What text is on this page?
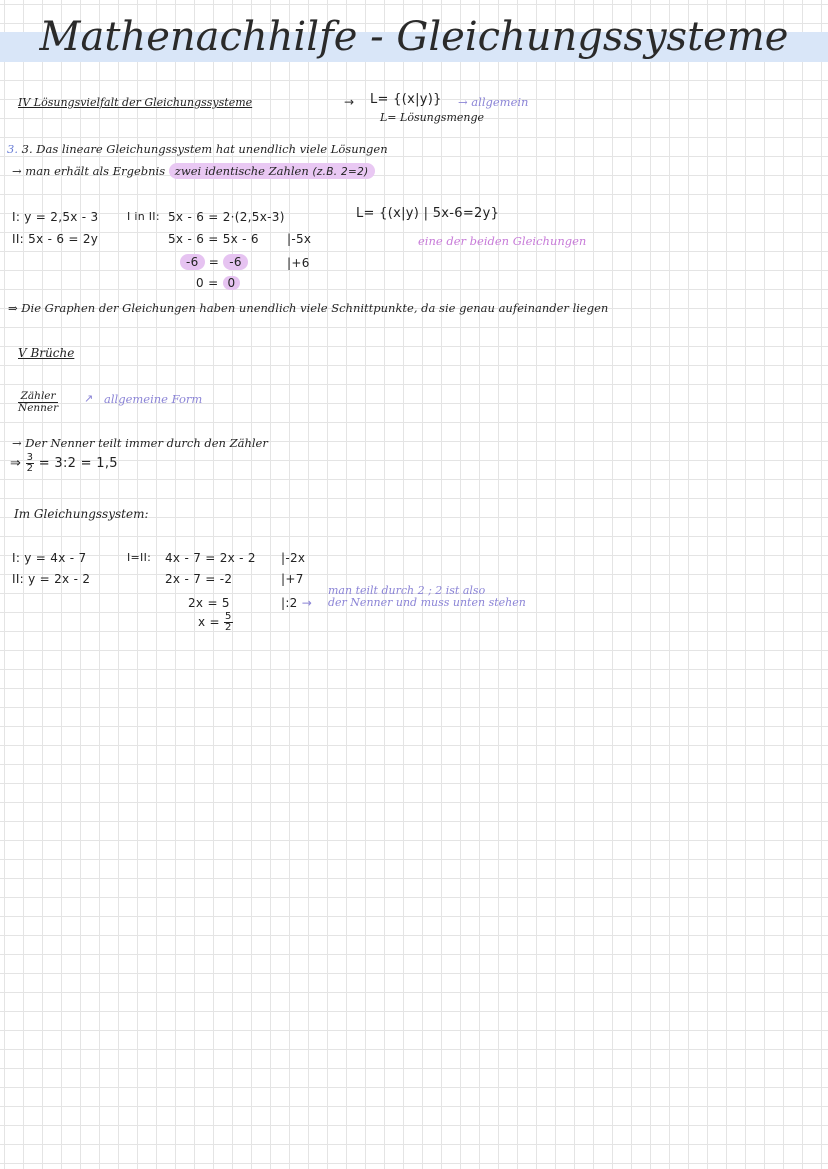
Mathenachhilfe - Gleichungssysteme
IV Lösungsvielfalt der Gleichungssysteme	→ L= {(x|y)} → allgemein
L= Lösungsmenge
3. 3. Das lineare Gleichungssystem hat unendlich viele Lösungen
→ man erhält als Ergebnis zwei identische Zahlen (z.B. 2=2)
I: y = 2,5x - 3
II: 5x - 6 = 2y
I in II: 5x - 6 = 2·(2,5x-3)
5x - 6 = 5x - 6 |-5x
-6 = -6	|+6
0 = 0
L= {(x|y) | 5x-6=2y}
eine der beiden Gleichungen
⇒ Die Graphen der Gleichungen haben unendlich viele Schnittpunkte, da sie genau aufeinander liegen
V Brüche
Zähler
Nenner
↗ allgemeine Form
→ Der Nenner teilt immer durch den Zähler
⇒ $\frac{3}{2}$ = 3:2 = 1,5
Im Gleichungssystem:
I: y = 4x - 7
II: y = 2x - 2
I=II: 4x - 7 = 2x - 2 |-2x
2x - 7 = -2	|+7
2x = 5	|:2 →
$x = \frac{5}{2}$
man teilt durch 2 ; 2 ist also
der Nenner und muss unten stehen
